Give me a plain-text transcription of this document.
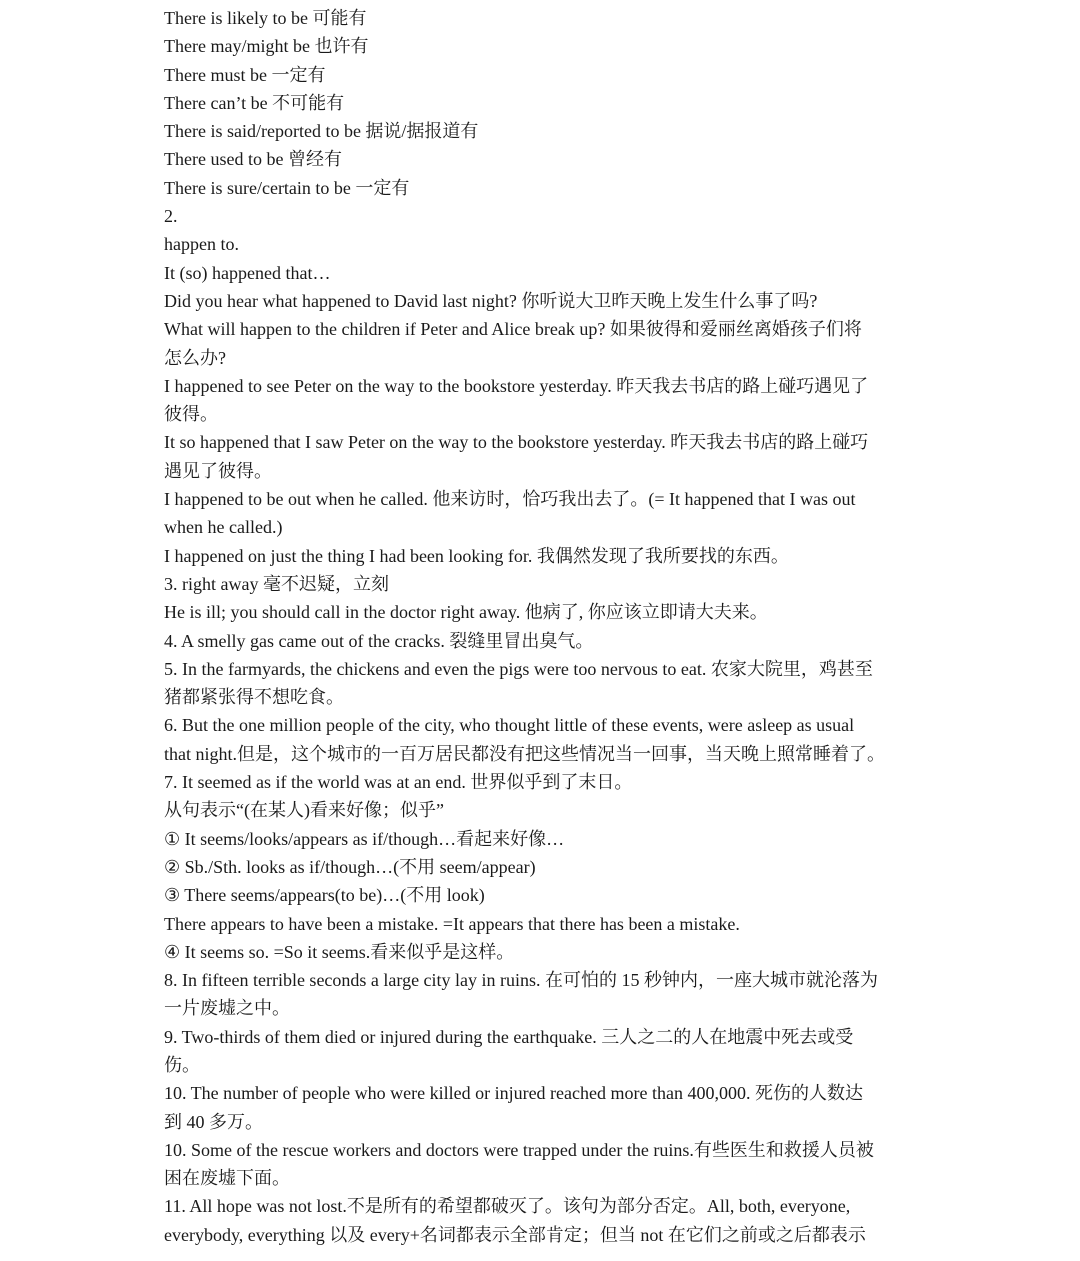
There is likely to be 可能有
There may/might be 也许有
There must be 一定有
There can’t be 不可能有
There is said/reported to be 据说/据报道有
There used to be 曾经有
There is sure/certain to be 一定有
2.
happen to.
It (so) happened that…
Did you hear what happened to David last night? 你听说大卫昨天晚上发生什么事了吗?
What will happen to the children if Peter and Alice break up? 如果彼得和爱丽丝离婚孩子们将
怎么办?
I happened to see Peter on the way to the bookstore yesterday. 昨天我去书店的路上碰巧遇见了
彼得。
It so happened that I saw Peter on the way to the bookstore yesterday. 昨天我去书店的路上碰巧
遇见了彼得。
I happened to be out when he called. 他来访时，恰巧我出去了。(= It happened that I was out
when he called.)
I happened on just the thing I had been looking for. 我偶然发现了我所要找的东西。
3. right away 毫不迟疑，立刻
He is ill; you should call in the doctor right away. 他病了, 你应该立即请大夫来。
4. A smelly gas came out of the cracks. 裂缝里冒出臭气。
5. In the farmyards, the chickens and even the pigs were too nervous to eat. 农家大院里，鸡甚至
猪都紧张得不想吃食。
6. But the one million people of the city, who thought little of these events, were asleep as usual
that night.但是，这个城市的一百万居民都没有把这些情况当一回事，当天晚上照常睡着了。
7. It seemed as if the world was at an end. 世界似乎到了末日。
从句表示“(在某人)看来好像；似乎”
① It seems/looks/appears as if/though…看起来好像…
② Sb./Sth. looks as if/though…(不用 seem/appear)
③ There seems/appears(to be)…(不用 look)
There appears to have been a mistake. =It appears that there has been a mistake.
④ It seems so. =So it seems.看来似乎是这样。
8. In fifteen terrible seconds a large city lay in ruins. 在可怕的 15 秒钟内，一座大城市就沦落为
一片废墟之中。
9. Two-thirds of them died or injured during the earthquake. 三人之二的人在地震中死去或受
伤。
10. The number of people who were killed or injured reached more than 400,000. 死伤的人数达
到 40 多万。
10. Some of the rescue workers and doctors were trapped under the ruins.有些医生和救援人员被
困在废墟下面。
11. All hope was not lost.不是所有的希望都破灭了。该句为部分否定。All, both, everyone,
everybody, everything 以及 every+名词都表示全部肯定；但当 not 在它们之前或之后都表示
